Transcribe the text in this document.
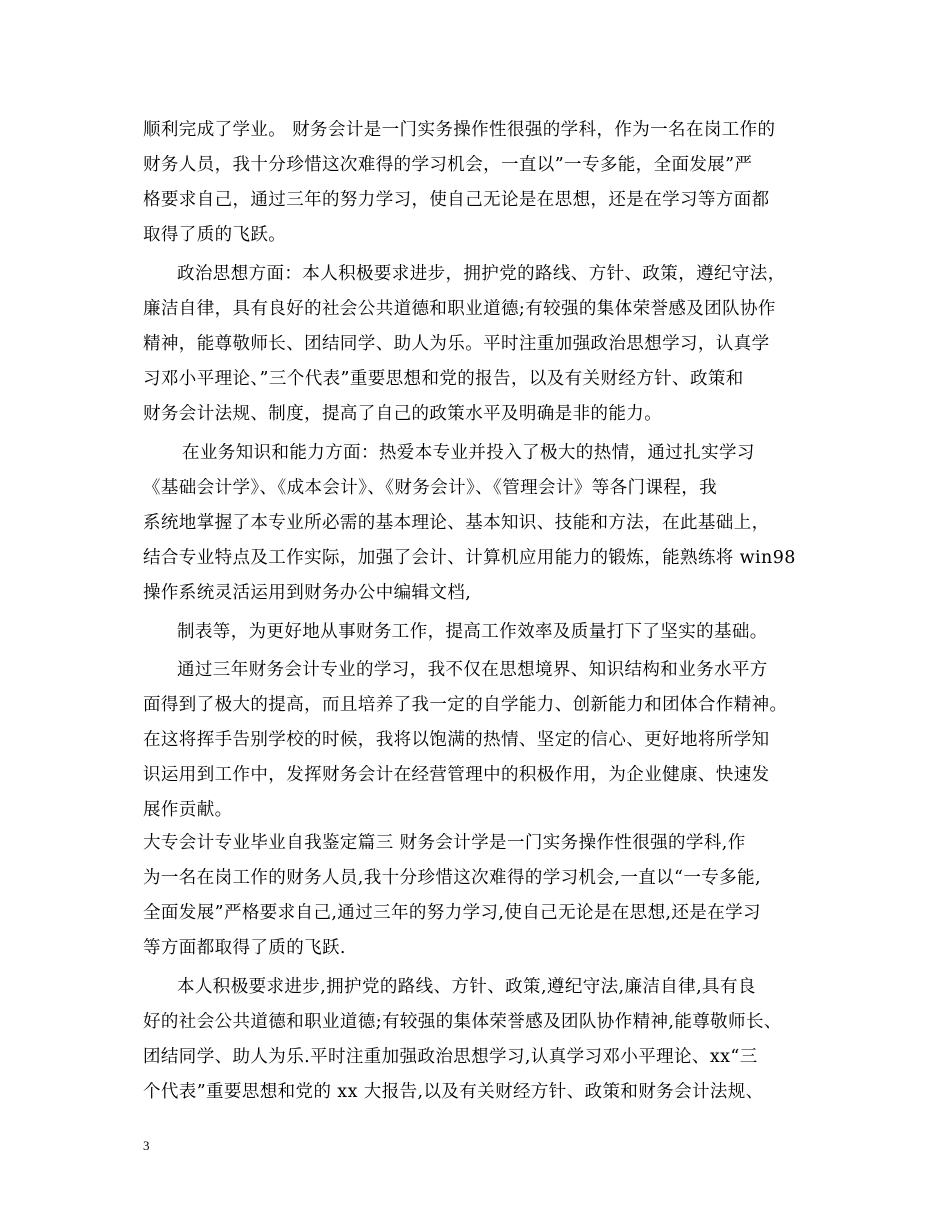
顺利完成了学业。 财务会计是一门实务操作性很强的学科，作为一名在岗工作的
财务人员，我十分珍惜这次难得的学习机会，一直以”一专多能，全面发展”严
格要求自己，通过三年的努力学习，使自己无论是在思想，还是在学习等方面都
取得了质的飞跃。
政治思想方面：本人积极要求进步，拥护党的路线、方针、政策，遵纪守法，
廉洁自律，具有良好的社会公共道德和职业道德;有较强的集体荣誉感及团队协作
精神，能尊敬师长、团结同学、助人为乐。平时注重加强政治思想学习，认真学
习邓小平理论、”三个代表”重要思想和党的报告，以及有关财经方针、政策和
财务会计法规、制度，提高了自己的政策水平及明确是非的能力。
在业务知识和能力方面：热爱本专业并投入了极大的热情，通过扎实学习
《基础会计学》、《成本会计》、《财务会计》、《管理会计》等各门课程，我
系统地掌握了本专业所必需的基本理论、基本知识、技能和方法，在此基础上，
结合专业特点及工作实际，加强了会计、计算机应用能力的锻炼，能熟练将 win98
操作系统灵活运用到财务办公中编辑文档,
制表等，为更好地从事财务工作，提高工作效率及质量打下了坚实的基础。
通过三年财务会计专业的学习，我不仅在思想境界、知识结构和业务水平方
面得到了极大的提高，而且培养了我一定的自学能力、创新能力和团体合作精神。
在这将挥手告别学校的时候，我将以饱满的热情、坚定的信心、更好地将所学知
识运用到工作中，发挥财务会计在经营管理中的积极作用，为企业健康、快速发
展作贡献。
大专会计专业毕业自我鉴定篇三 财务会计学是一门实务操作性很强的学科,作
为一名在岗工作的财务人员,我十分珍惜这次难得的学习机会,一直以“一专多能,
全面发展”严格要求自己,通过三年的努力学习,使自己无论是在思想,还是在学习
等方面都取得了质的飞跃.
本人积极要求进步,拥护党的路线、方针、政策,遵纪守法,廉洁自律,具有良
好的社会公共道德和职业道德;有较强的集体荣誉感及团队协作精神,能尊敬师长、
团结同学、助人为乐.平时注重加强政治思想学习,认真学习邓小平理论、xx“三
个代表”重要思想和党的 xx 大报告,以及有关财经方针、政策和财务会计法规、
3
